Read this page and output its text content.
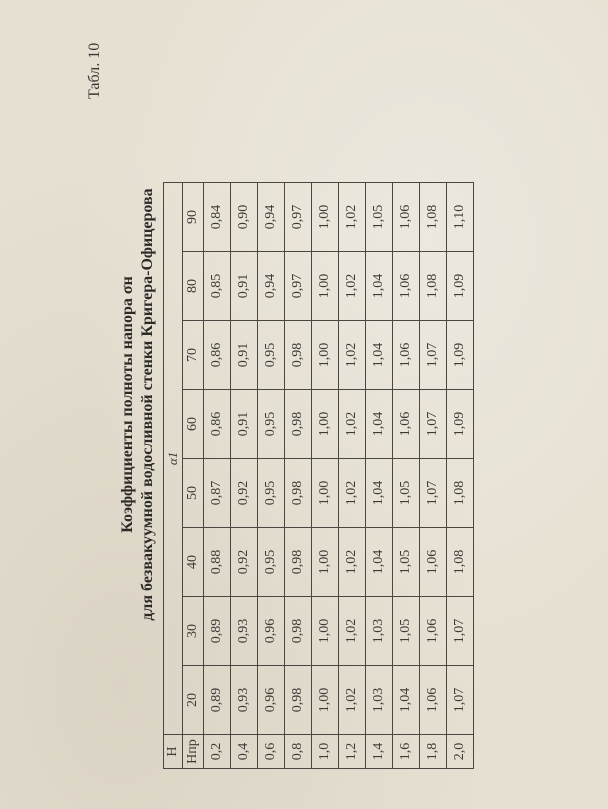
Табл. 10
Коэффициенты полноты напора σн для безвакуумной водосливной стенки Кригера-Офицерова
H	α1							
Hпр	20	30	40	50	60	70	80	90
0,2	0,89	0,89	0,88	0,87	0,86	0,86	0,85	0,84
0,4	0,93	0,93	0,92	0,92	0,91	0,91	0,91	0,90
0,6	0,96	0,96	0,95	0,95	0,95	0,95	0,94	0,94
0,8	0,98	0,98	0,98	0,98	0,98	0,98	0,97	0,97
1,0	1,00	1,00	1,00	1,00	1,00	1,00	1,00	1,00
1,2	1,02	1,02	1,02	1,02	1,02	1,02	1,02	1,02
1,4	1,03	1,03	1,04	1,04	1,04	1,04	1,04	1,05
1,6	1,04	1,05	1,05	1,05	1,06	1,06	1,06	1,06
1,8	1,06	1,06	1,06	1,07	1,07	1,07	1,08	1,08
2,0	1,07	1,07	1,08	1,08	1,09	1,09	1,09	1,10
